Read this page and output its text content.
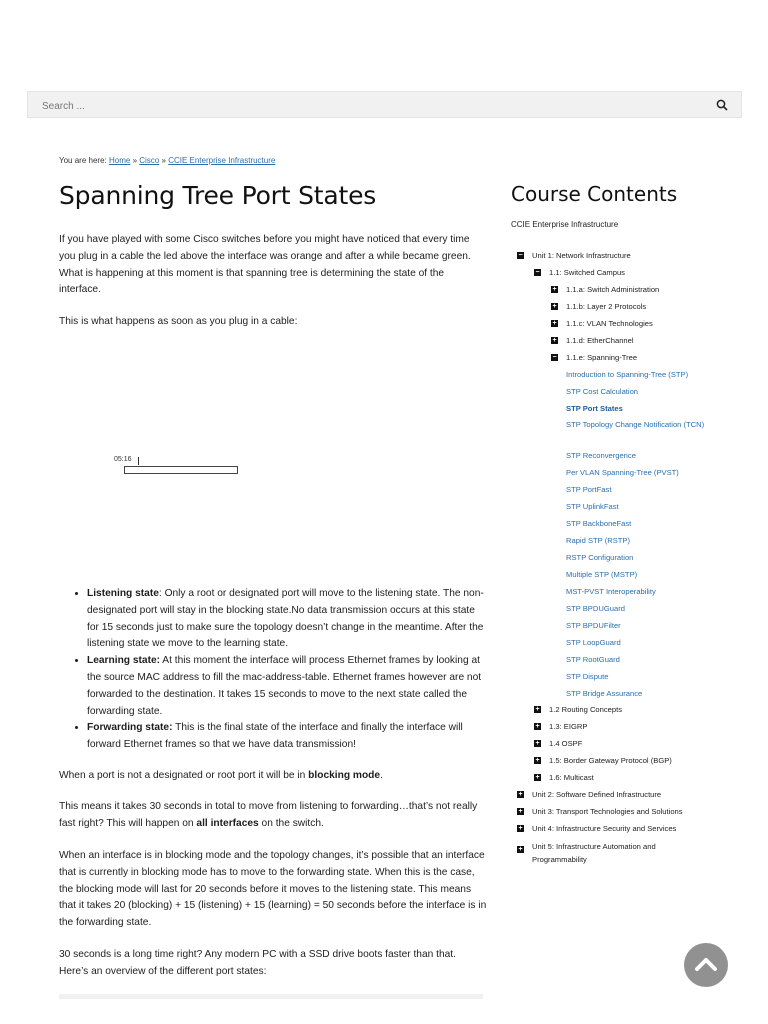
Search ...
You are here: Home » Cisco » CCIE Enterprise Infrastructure
Spanning Tree Port States

If you have played with some Cisco switches before you might have noticed that every time you plug in a cable the led above the interface was orange and after a while became green. What is happening at this moment is that spanning tree is determining the state of the interface.

This is what happens as soon as you plug in a cable:

05:16
• Listening state: Only a root or designated port will move to the listening state. The non-designated port will stay in the blocking state.No data transmission occurs at this state for 15 seconds just to make sure the topology doesn’t change in the meantime. After the listening state we move to the learning state.
• Learning state: At this moment the interface will process Ethernet frames by looking at the source MAC address to fill the mac-address-table. Ethernet frames however are not forwarded to the destination. It takes 15 seconds to move to the next state called the forwarding state.
• Forwarding state: This is the final state of the interface and finally the interface will forward Ethernet frames so that we have data transmission!

When a port is not a designated or root port it will be in blocking mode.

This means it takes 30 seconds in total to move from listening to forwarding…that’s not really fast right? This will happen on all interfaces on the switch.

When an interface is in blocking mode and the topology changes, it’s possible that an interface that is currently in blocking mode has to move to the forwarding state. When this is the case, the blocking mode will last for 20 seconds before it moves to the listening state. This means that it takes 20 (blocking) + 15 (listening) + 15 (learning) = 50 seconds before the interface is in the forwarding state.

30 seconds is a long time right? Any modern PC with a SSD drive boots faster than that. Here’s an overview of the different port states:

Course Contents
CCIE Enterprise Infrastructure
− Unit 1: Network Infrastructure
− 1.1: Switched Campus
+ 1.1.a: Switch Administration
+ 1.1.b: Layer 2 Protocols
+ 1.1.c: VLAN Technologies
+ 1.1.d: EtherChannel
− 1.1.e: Spanning-Tree
Introduction to Spanning-Tree (STP)
STP Cost Calculation
STP Port States
STP Topology Change Notification (TCN)
STP Reconvergence
Per VLAN Spanning-Tree (PVST)
STP PortFast
STP UplinkFast
STP BackboneFast
Rapid STP (RSTP)
RSTP Configuration
Multiple STP (MSTP)
MST-PVST Interoperability
STP BPDUGuard
STP BPDUFilter
STP LoopGuard
STP RootGuard
STP Dispute
STP Bridge Assurance
+ 1.2 Routing Concepts
+ 1.3: EIGRP
+ 1.4 OSPF
+ 1.5: Border Gateway Protocol (BGP)
+ 1.6: Multicast
+ Unit 2: Software Defined Infrastructure
+ Unit 3: Transport Technologies and Solutions
+ Unit 4: Infrastructure Security and Services
+ Unit 5: Infrastructure Automation and Programmability
